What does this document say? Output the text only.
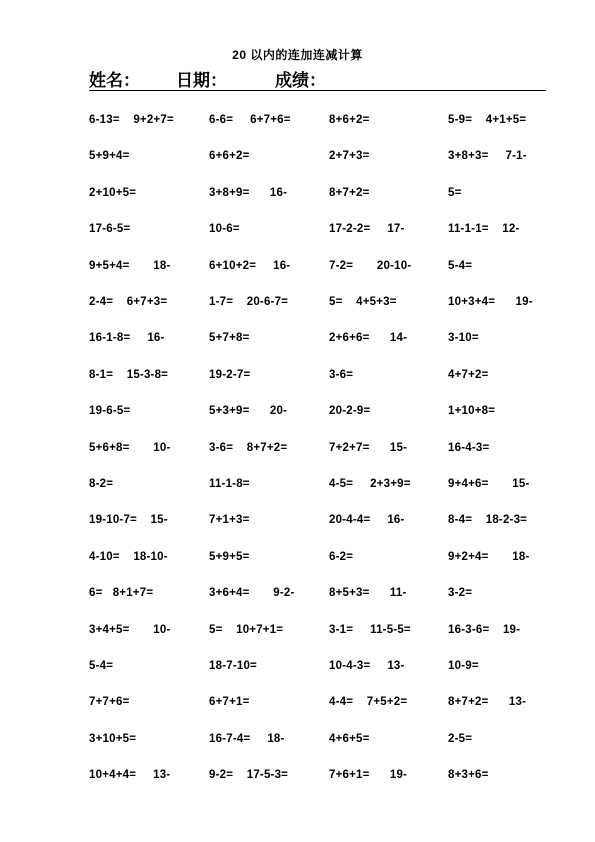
20 以内的连加连减计算
姓名： 日期：	成绩：
6-13=    9+2+7=
5+9+4=
2+10+5=
17-6-5=
9+5+4=       18-
2-4=    6+7+3=
16-1-8=     16-
8-1=    15-3-8=
19-6-5=
5+6+8=       10-
8-2=
19-10-7=    15-
4-10=    18-10-
6=   8+1+7=
3+4+5=       10-
5-4=
7+7+6=
3+10+5=
10+4+4=     13-
6-6=     6+7+6=
6+6+2=
3+8+9=      16-
10-6=
6+10+2=     16-
1-7=    20-6-7=
5+7+8=
19-2-7=
5+3+9=      20-
3-6=    8+7+2=
11-1-8=
7+1+3=
5+9+5=
3+6+4=       9-2-
5=    10+7+1=
18-7-10=
6+7+1=
16-7-4=     18-
9-2=    17-5-3=
8+6+2=
2+7+3=
8+7+2=
17-2-2=     17-
7-2=       20-10-
5=    4+5+3=
2+6+6=      14-
3-6=
20-2-9=
7+2+7=      15-
4-5=     2+3+9=
20-4-4=     16-
6-2=
8+5+3=      11-
3-1=     11-5-5=
10-4-3=     13-
4-4=    7+5+2=
4+6+5=
7+6+1=      19-
5-9=    4+1+5=
3+8+3=     7-1-
5=
11-1-1=    12-
5-4=
10+3+4=      19-
3-10=
4+7+2=
1+10+8=
16-4-3=
9+4+6=       15-
8-4=    18-2-3=
9+2+4=       18-
3-2=
16-3-6=    19-
10-9=
8+7+2=      13-
2-5=
8+3+6=
